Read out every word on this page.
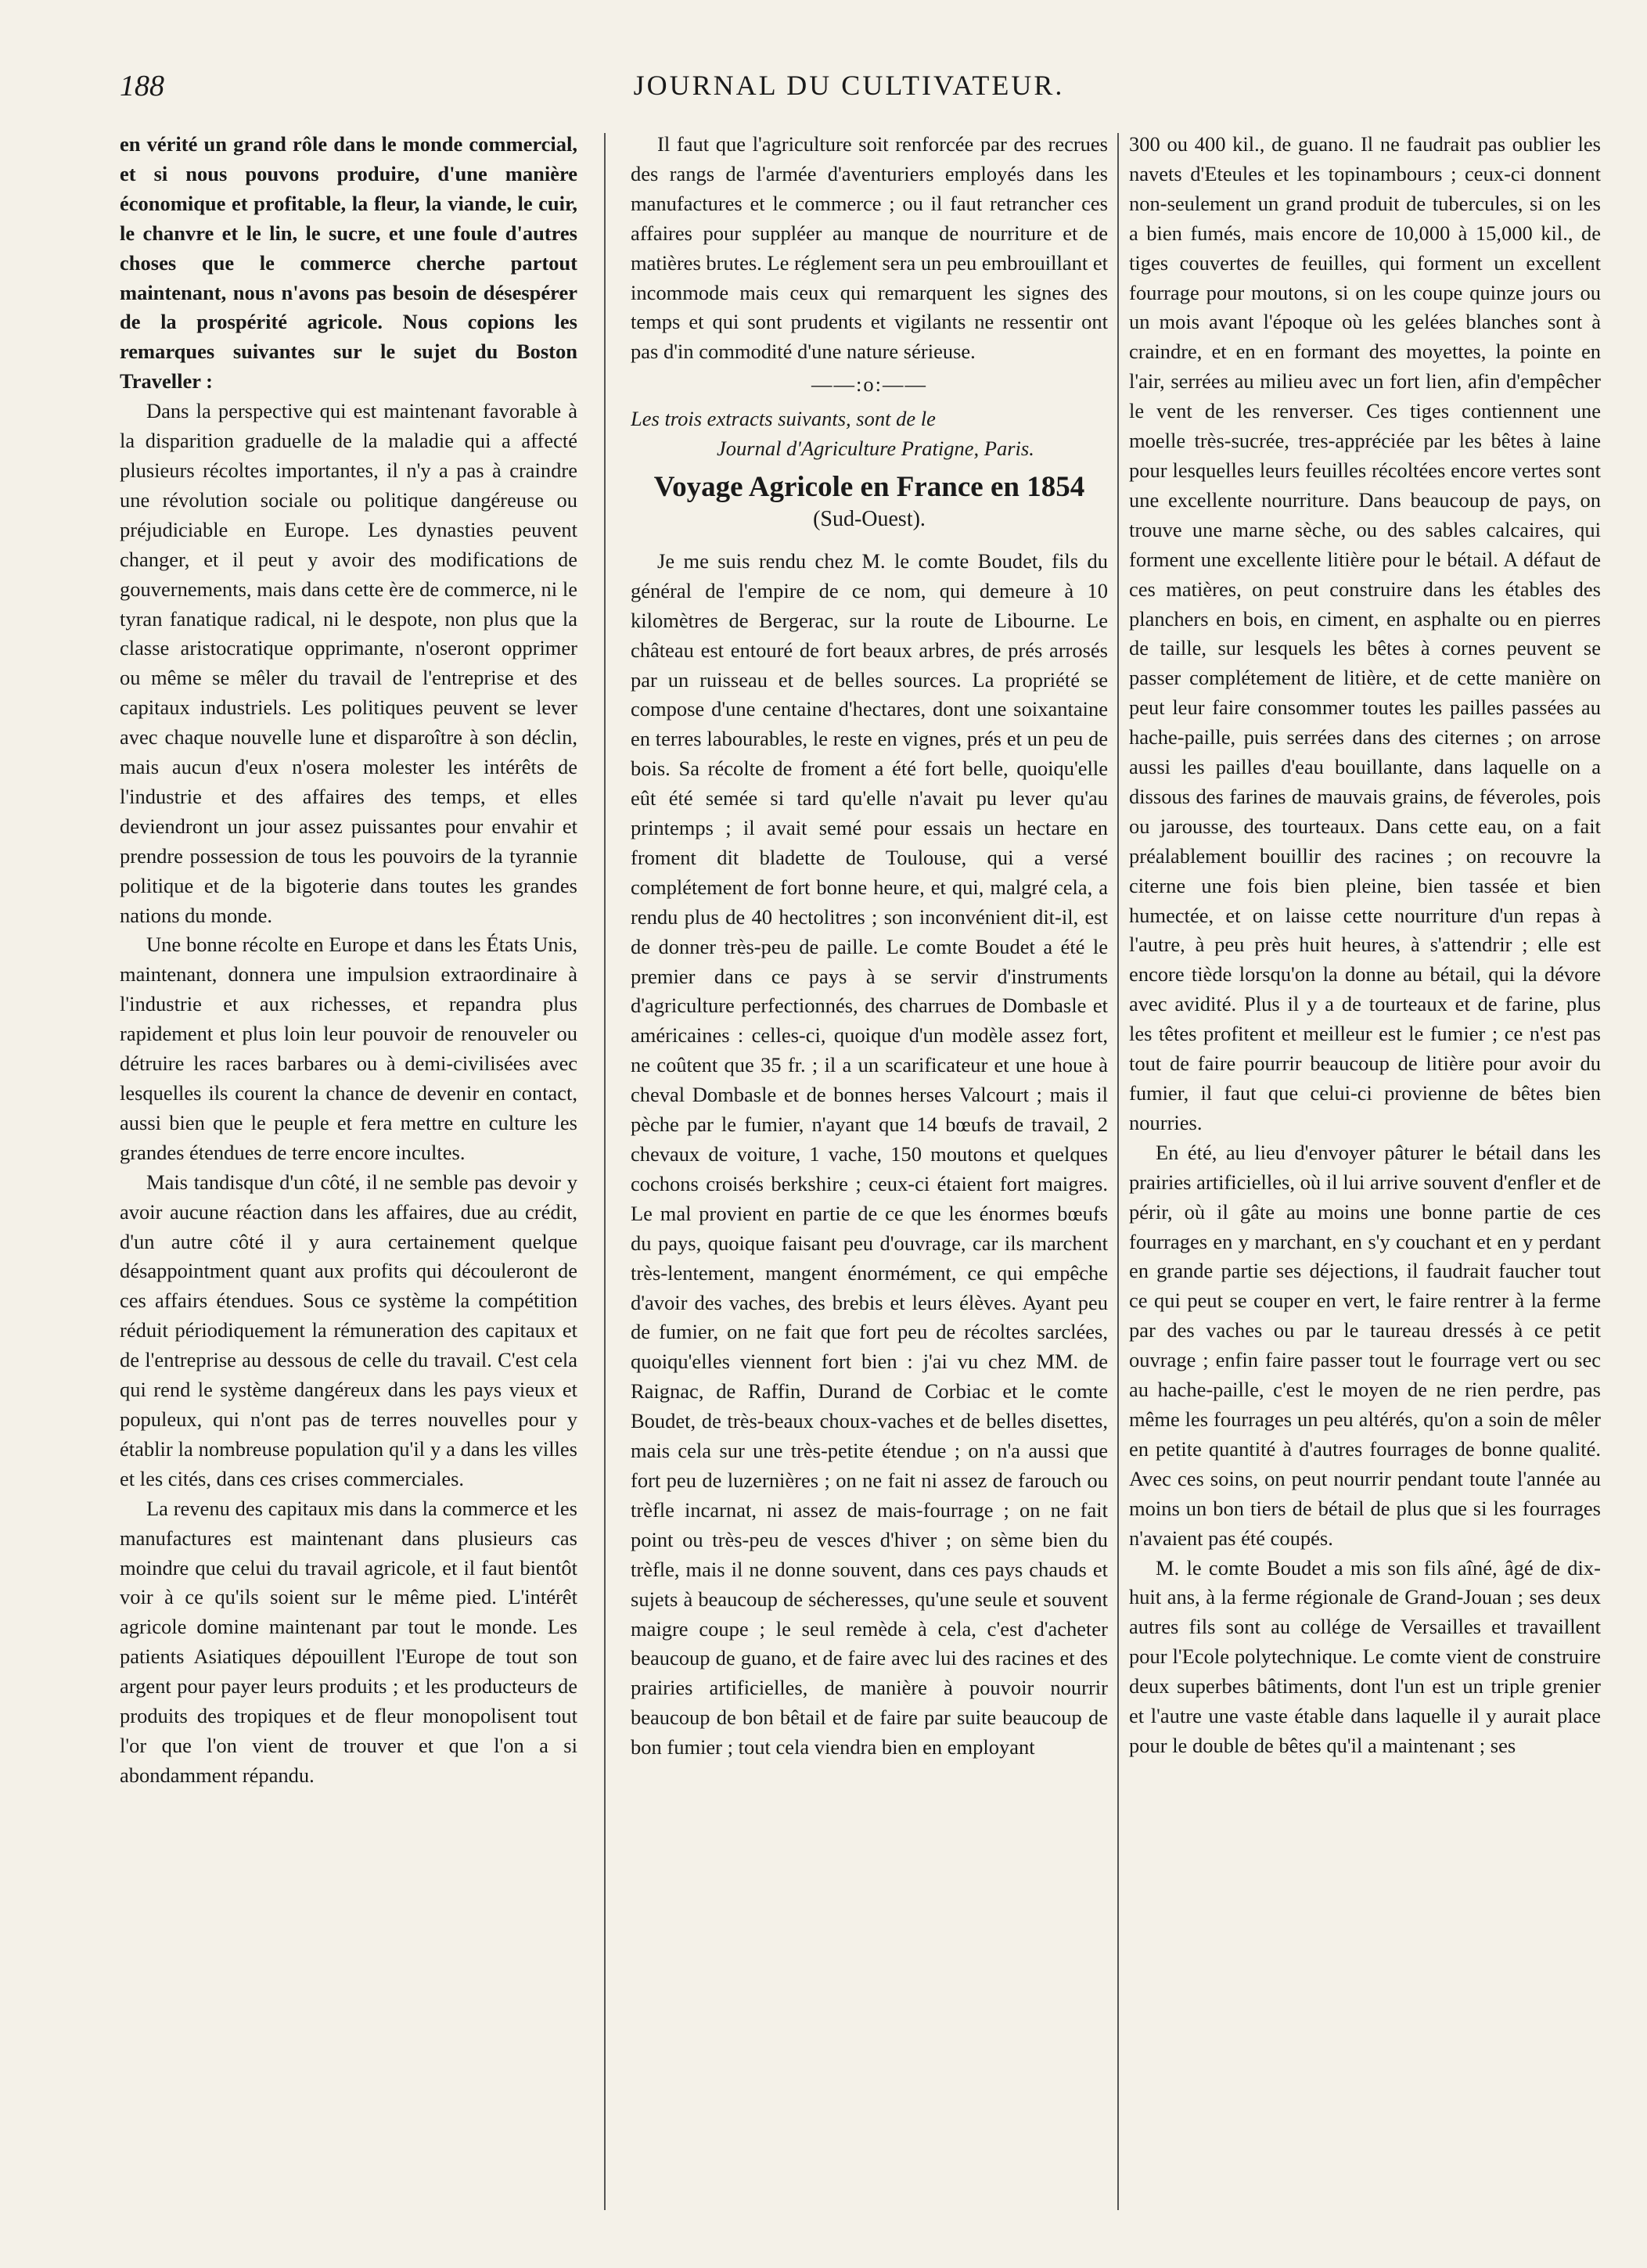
188	JOURNAL DU CULTIVATEUR.

en vérité un grand rôle dans le monde commercial, et si nous pouvons produire, d'une manière économique et profitable, la fleur, la viande, le cuir, le chanvre et le lin, le sucre, et une foule d'autres choses que le commerce cherche partout maintenant, nous n'avons pas besoin de désespérer de la prospérité agricole. Nous copions les remarques suivantes sur le sujet du Boston Traveller :

Dans la perspective qui est maintenant favorable à la disparition graduelle de la maladie qui a affecté plusieurs récoltes importantes, il n'y a pas à craindre une révolution sociale ou politique dangéreuse ou préjudiciable en Europe. Les dynasties peuvent changer, et il peut y avoir des modifications de gouvernements, mais dans cette ère de commerce, ni le tyran fanatique radical, ni le despote, non plus que la classe aristocratique opprimante, n'oseront opprimer ou même se mêler du travail de l'entreprise et des capitaux industriels. Les politiques peuvent se lever avec chaque nouvelle lune et disparoître à son déclin, mais aucun d'eux n'osera molester les intérêts de l'industrie et des affaires des temps, et elles deviendront un jour assez puissantes pour envahir et prendre possession de tous les pouvoirs de la tyrannie politique et de la bigoterie dans toutes les grandes nations du monde.

Une bonne récolte en Europe et dans les États Unis, maintenant, donnera une impulsion extraordinaire à l'industrie et aux richesses, et repandra plus rapidement et plus loin leur pouvoir de renouveler ou détruire les races barbares ou à demi-civilisées avec lesquelles ils courent la chance de devenir en contact, aussi bien que le peuple et fera mettre en culture les grandes étendues de terre encore incultes.

Mais tandisque d'un côté, il ne semble pas devoir y avoir aucune réaction dans les affaires, due au crédit, d'un autre côté il y aura certainement quelque désappointment quant aux profits qui découleront de ces affairs étendues. Sous ce système la compétition réduit périodiquement la rémuneration des capitaux et de l'entreprise au dessous de celle du travail. C'est cela qui rend le système dangéreux dans les pays vieux et populeux, qui n'ont pas de terres nouvelles pour y établir la nombreuse population qu'il y a dans les villes et les cités, dans ces crises commerciales.

La revenu des capitaux mis dans la commerce et les manufactures est maintenant dans plusieurs cas moindre que celui du travail agricole, et il faut bientôt voir à ce qu'ils soient sur le même pied. L'intérêt agricole domine maintenant par tout le monde. Les patients Asiatiques dépouillent l'Europe de tout son argent pour payer leurs produits ; et les producteurs de produits des tropiques et de fleur monopolisent tout l'or que l'on vient de trouver et que l'on a si abondamment répandu.

Il faut que l'agriculture soit renforcée par des recrues des rangs de l'armée d'aventuriers employés dans les manufactures et le commerce ; ou il faut retrancher ces affaires pour suppléer au manque de nourriture et de matières brutes. Le réglement sera un peu embrouillant et incommode mais ceux qui remarquent les signes des temps et qui sont prudents et vigilants ne ressentir ont pas d'in commodité d'une nature sérieuse.

——:o:——
Les trois extracts suivants, sont de le
Journal d'Agriculture Pratigne, Paris.
Voyage Agricole en France en 1854
(Sud-Ouest).

Je me suis rendu chez M. le comte Boudet, fils du général de l'empire de ce nom, qui demeure à 10 kilomètres de Bergerac, sur la route de Libourne. Le château est entouré de fort beaux arbres, de prés arrosés par un ruisseau et de belles sources. La propriété se compose d'une centaine d'hectares, dont une soixantaine en terres labourables, le reste en vignes, prés et un peu de bois. Sa récolte de froment a été fort belle, quoiqu'elle eût été semée si tard qu'elle n'avait pu lever qu'au printemps ; il avait semé pour essais un hectare en froment dit bladette de Toulouse, qui a versé complétement de fort bonne heure, et qui, malgré cela, a rendu plus de 40 hectolitres ; son inconvénient dit-il, est de donner très-peu de paille. Le comte Boudet a été le premier dans ce pays à se servir d'instruments d'agriculture perfectionnés, des charrues de Dombasle et américaines : celles-ci, quoique d'un modèle assez fort, ne coûtent que 35 fr. ; il a un scarificateur et une houe à cheval Dombasle et de bonnes herses Valcourt ; mais il pèche par le fumier, n'ayant que 14 bœufs de travail, 2 chevaux de voiture, 1 vache, 150 moutons et quelques cochons croisés berkshire ; ceux-ci étaient fort maigres. Le mal provient en partie de ce que les énormes bœufs du pays, quoique faisant peu d'ouvrage, car ils marchent très-lentement, mangent énormément, ce qui empêche d'avoir des vaches, des brebis et leurs élèves. Ayant peu de fumier, on ne fait que fort peu de récoltes sarclées, quoiqu'elles viennent fort bien : j'ai vu chez MM. de Raignac, de Raffin, Durand de Corbiac et le comte Boudet, de très-beaux choux-vaches et de belles disettes, mais cela sur une très-petite étendue ; on n'a aussi que fort peu de luzernières ; on ne fait ni assez de farouch ou trèfle incarnat, ni assez de mais-fourrage ; on ne fait point ou très-peu de vesces d'hiver ; on sème bien du trèfle, mais il ne donne souvent, dans ces pays chauds et sujets à beaucoup de sécheresses, qu'une seule et souvent maigre coupe ; le seul remède à cela, c'est d'acheter beaucoup de guano, et de faire avec lui des racines et des prairies artificielles, de manière à pouvoir nourrir beaucoup de bon bêtail et de faire par suite beaucoup de bon fumier ; tout cela viendra bien en employant

300 ou 400 kil., de guano. Il ne faudrait pas oublier les navets d'Eteules et les topinambours ; ceux-ci donnent non-seulement un grand produit de tubercules, si on les a bien fumés, mais encore de 10,000 à 15,000 kil., de tiges couvertes de feuilles, qui forment un excellent fourrage pour moutons, si on les coupe quinze jours ou un mois avant l'époque où les gelées blanches sont à craindre, et en en formant des moyettes, la pointe en l'air, serrées au milieu avec un fort lien, afin d'empêcher le vent de les renverser. Ces tiges contiennent une moelle très-sucrée, tres-appréciée par les bêtes à laine pour lesquelles leurs feuilles récoltées encore vertes sont une excellente nourriture. Dans beaucoup de pays, on trouve une marne sèche, ou des sables calcaires, qui forment une excellente litière pour le bétail. A défaut de ces matières, on peut construire dans les étables des planchers en bois, en ciment, en asphalte ou en pierres de taille, sur lesquels les bêtes à cornes peuvent se passer complétement de litière, et de cette manière on peut leur faire consommer toutes les pailles passées au hache-paille, puis serrées dans des citernes ; on arrose aussi les pailles d'eau bouillante, dans laquelle on a dissous des farines de mauvais grains, de féveroles, pois ou jarousse, des tourteaux. Dans cette eau, on a fait préalablement bouillir des racines ; on recouvre la citerne une fois bien pleine, bien tassée et bien humectée, et on laisse cette nourriture d'un repas à l'autre, à peu près huit heures, à s'attendrir ; elle est encore tiède lorsqu'on la donne au bétail, qui la dévore avec avidité. Plus il y a de tourteaux et de farine, plus les têtes profitent et meilleur est le fumier ; ce n'est pas tout de faire pourrir beaucoup de litière pour avoir du fumier, il faut que celui-ci provienne de bêtes bien nourries.

En été, au lieu d'envoyer pâturer le bétail dans les prairies artificielles, où il lui arrive souvent d'enfler et de périr, où il gâte au moins une bonne partie de ces fourrages en y marchant, en s'y couchant et en y perdant en grande partie ses déjections, il faudrait faucher tout ce qui peut se couper en vert, le faire rentrer à la ferme par des vaches ou par le taureau dressés à ce petit ouvrage ; enfin faire passer tout le fourrage vert ou sec au hache-paille, c'est le moyen de ne rien perdre, pas même les fourrages un peu altérés, qu'on a soin de mêler en petite quantité à d'autres fourrages de bonne qualité. Avec ces soins, on peut nourrir pendant toute l'année au moins un bon tiers de bétail de plus que si les fourrages n'avaient pas été coupés.

M. le comte Boudet a mis son fils aîné, âgé de dix-huit ans, à la ferme régionale de Grand-Jouan ; ses deux autres fils sont au collége de Versailles et travaillent pour l'Ecole polytechnique. Le comte vient de construire deux superbes bâtiments, dont l'un est un triple grenier et l'autre une vaste étable dans laquelle il y aurait place pour le double de bêtes qu'il a maintenant ; ses
